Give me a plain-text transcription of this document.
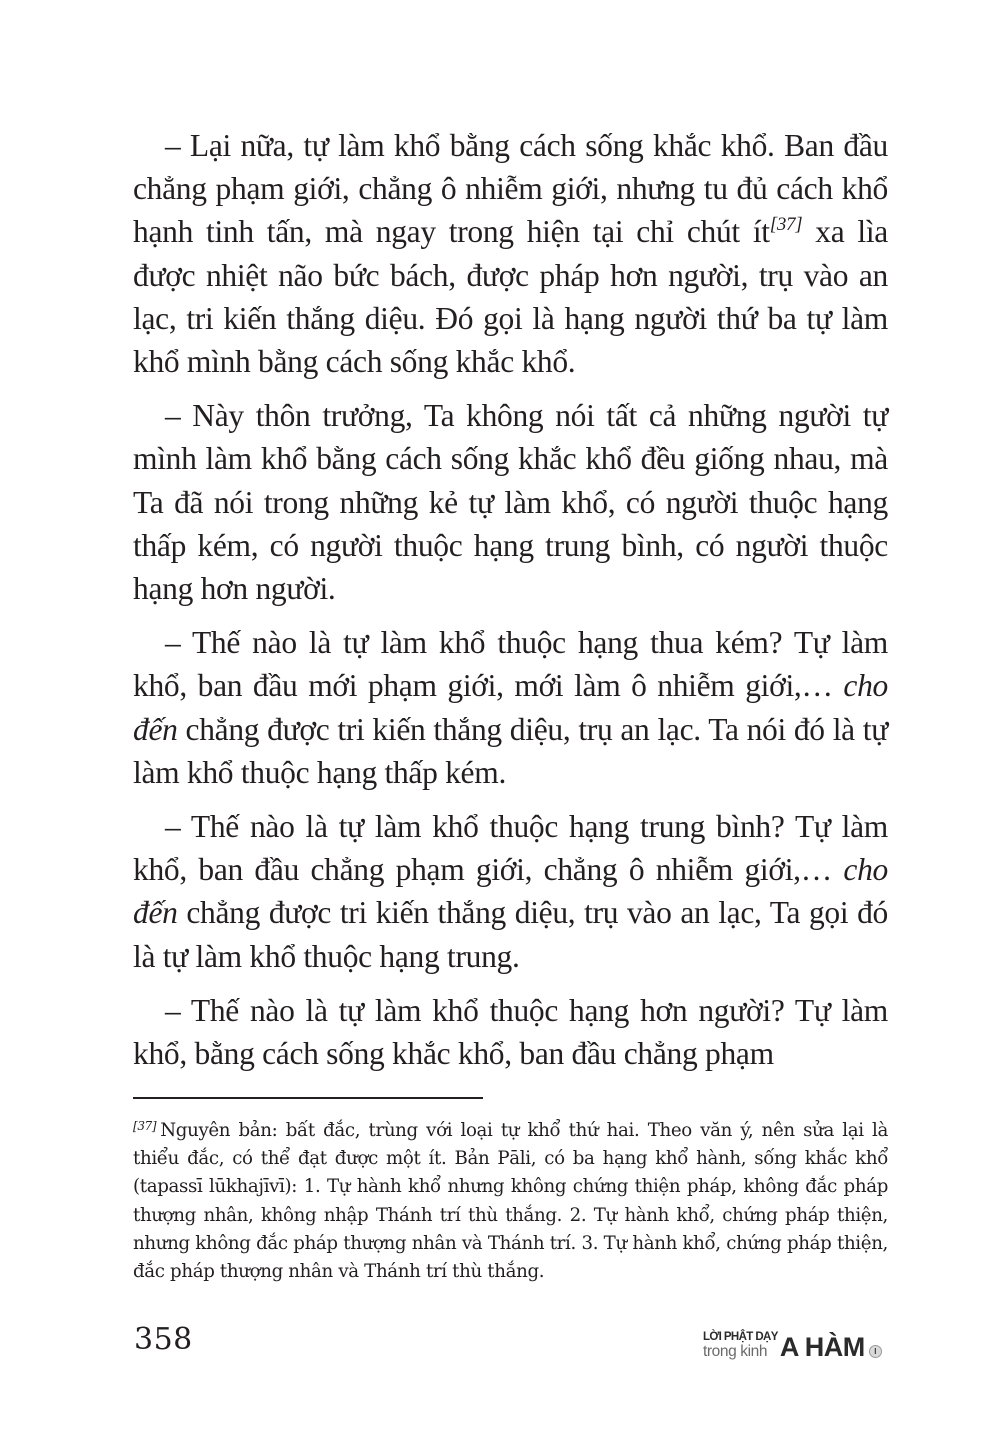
– Lại nữa, tự làm khổ bằng cách sống khắc khổ. Ban đầu chẳng phạm giới, chẳng ô nhiễm giới, nhưng tu đủ cách khổ hạnh tinh tấn, mà ngay trong hiện tại chỉ chút ít[37] xa lìa được nhiệt não bức bách, được pháp hơn người, trụ vào an lạc, tri kiến thắng diệu. Đó gọi là hạng người thứ ba tự làm khổ mình bằng cách sống khắc khổ.

– Này thôn trưởng, Ta không nói tất cả những người tự mình làm khổ bằng cách sống khắc khổ đều giống nhau, mà Ta đã nói trong những kẻ tự làm khổ, có người thuộc hạng thấp kém, có người thuộc hạng trung bình, có người thuộc hạng hơn người.

– Thế nào là tự làm khổ thuộc hạng thua kém? Tự làm khổ, ban đầu mới phạm giới, mới làm ô nhiễm giới,… cho đến chẳng được tri kiến thắng diệu, trụ an lạc. Ta nói đó là tự làm khổ thuộc hạng thấp kém.

– Thế nào là tự làm khổ thuộc hạng trung bình? Tự làm khổ, ban đầu chẳng phạm giới, chẳng ô nhiễm giới,… cho đến chẳng được tri kiến thắng diệu, trụ vào an lạc, Ta gọi đó là tự làm khổ thuộc hạng trung.

– Thế nào là tự làm khổ thuộc hạng hơn người? Tự làm khổ, bằng cách sống khắc khổ, ban đầu chẳng phạm

[37] Nguyên bản: bất đắc, trùng với loại tự khổ thứ hai. Theo văn ý, nên sửa lại là thiểu đắc, có thể đạt được một ít. Bản Pāli, có ba hạng khổ hành, sống khắc khổ (tapassī lūkhajīvī): 1. Tự hành khổ nhưng không chứng thiện pháp, không đắc pháp thượng nhân, không nhập Thánh trí thù thắng. 2. Tự hành khổ, chứng pháp thiện, nhưng không đắc pháp thượng nhân và Thánh trí. 3. Tự hành khổ, chứng pháp thiện, đắc pháp thượng nhân và Thánh trí thù thắng.
358	LỜI PHẬT DẠY
trong kinh A HÀM	I
